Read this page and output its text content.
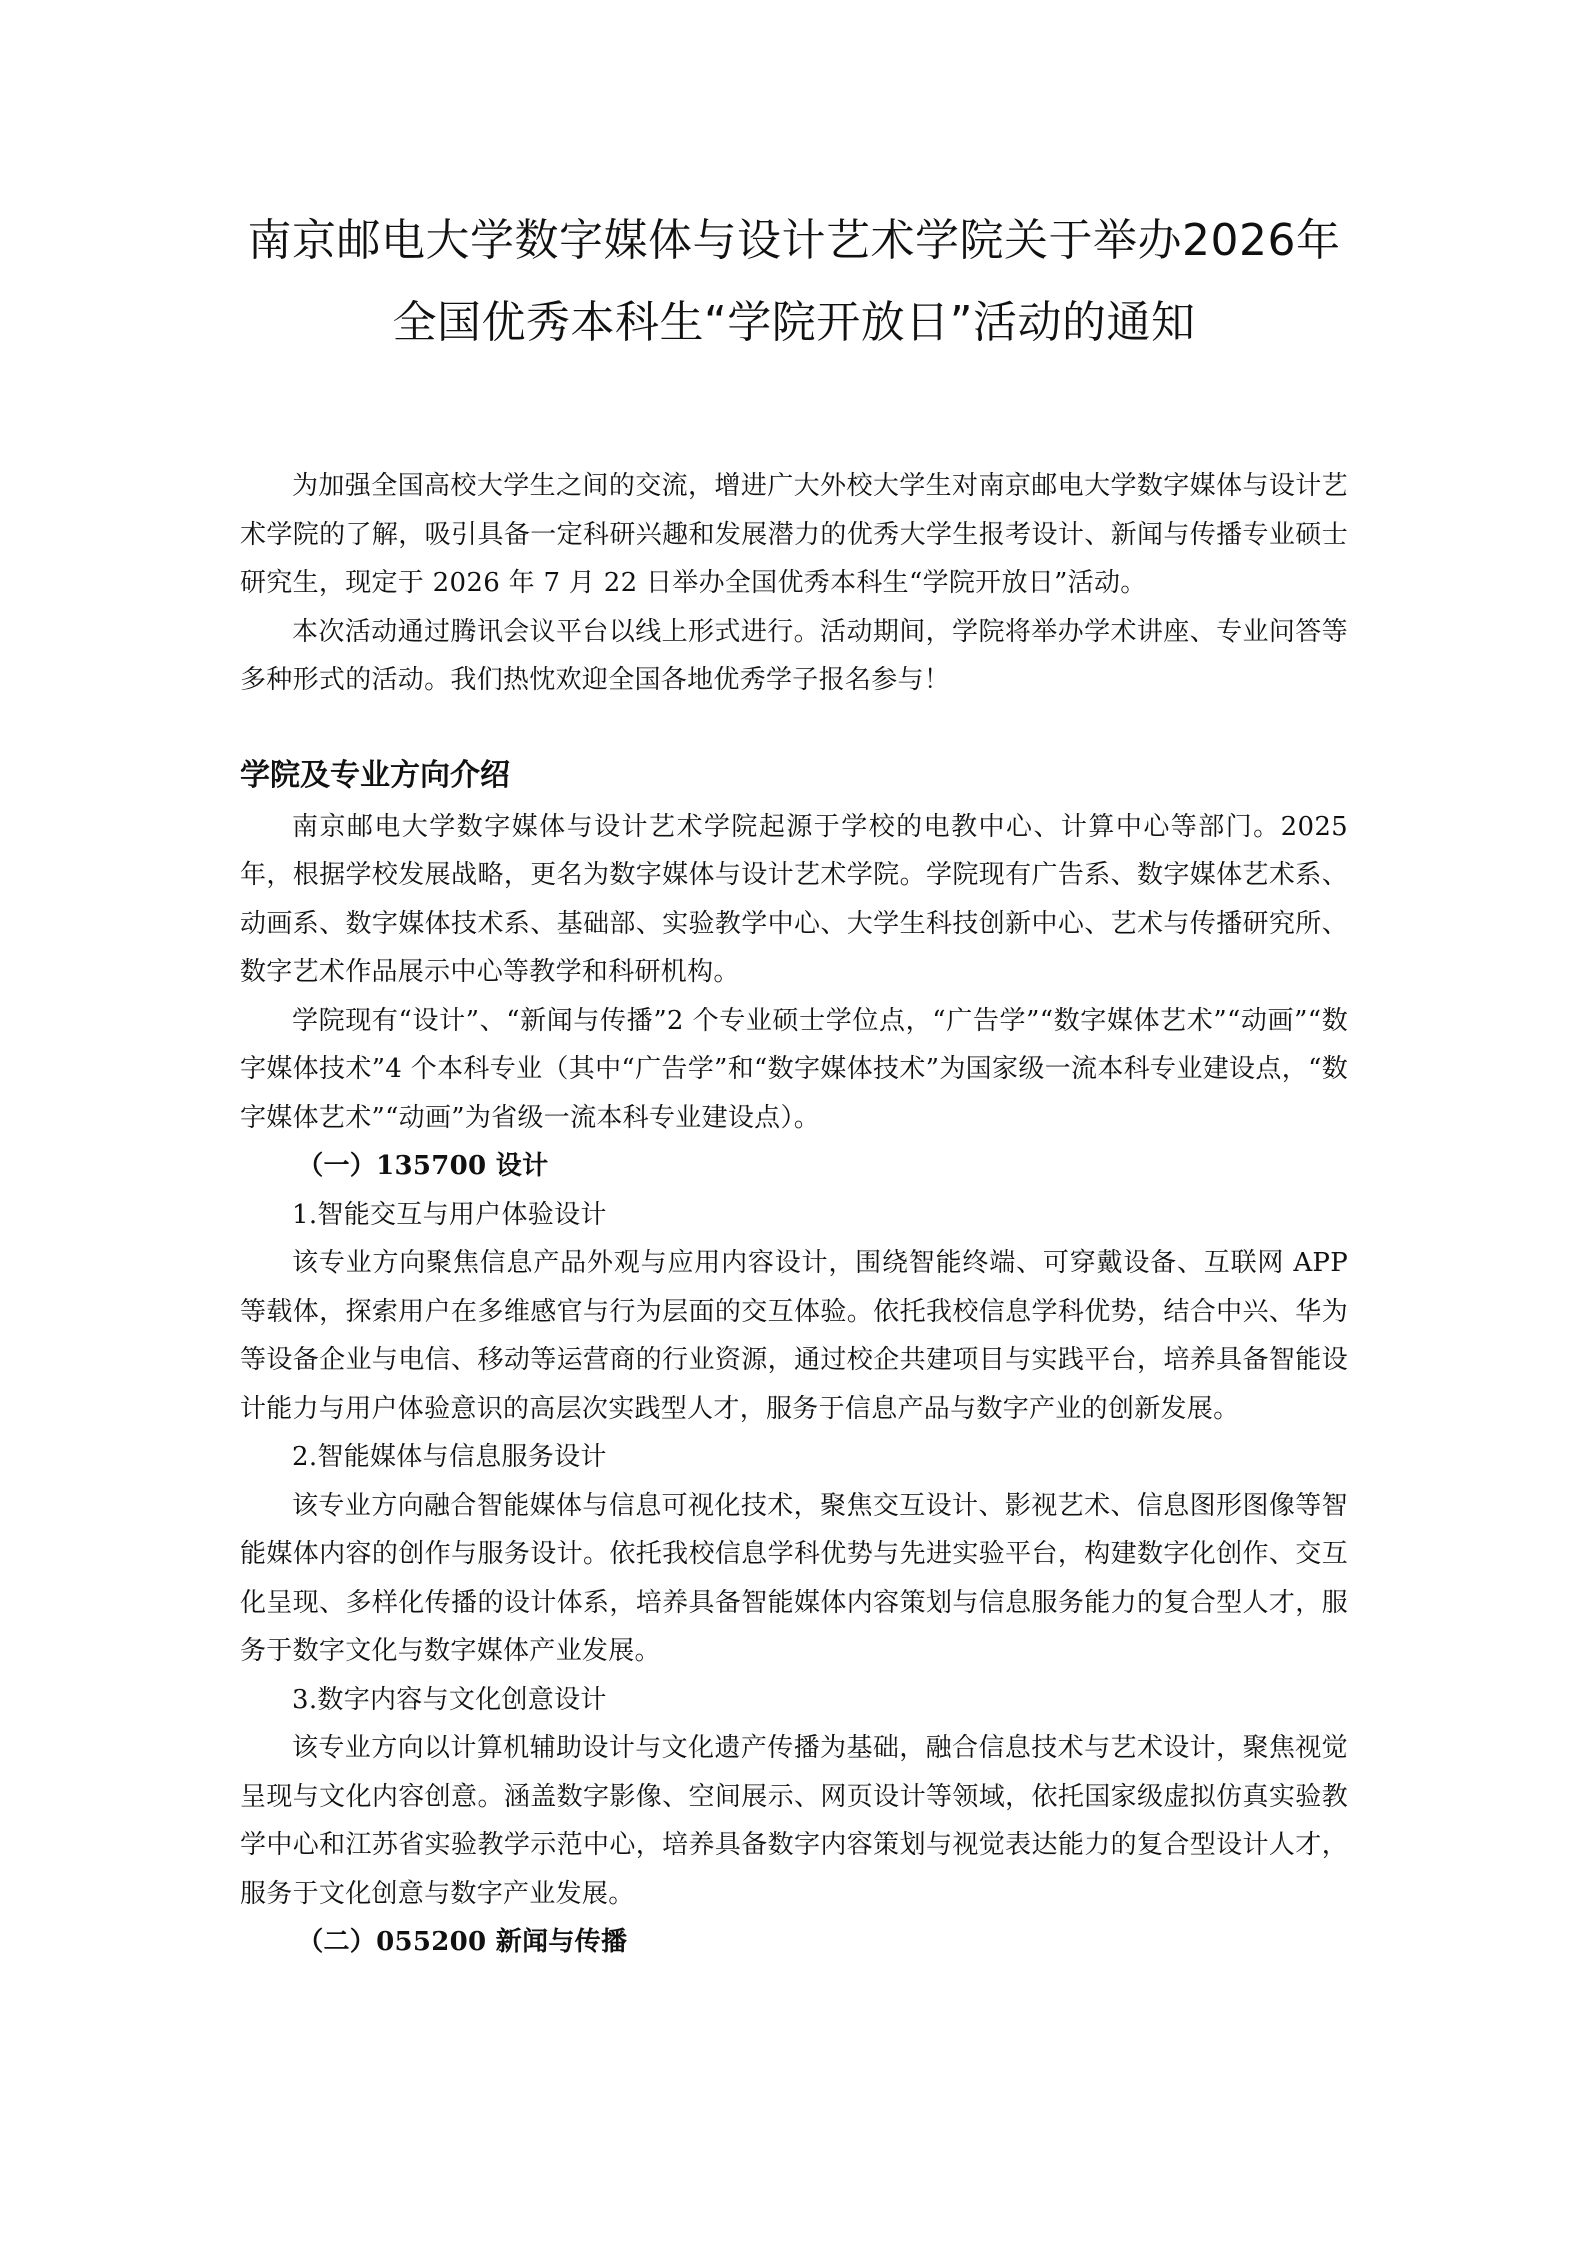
南京邮电大学数字媒体与设计艺术学院关于举办2026年
全国优秀本科生“学院开放日”活动的通知

为加强全国高校大学生之间的交流，增进广大外校大学生对南京邮电大学数字媒体与设计艺术学院的了解，吸引具备一定科研兴趣和发展潜力的优秀大学生报考设计、新闻与传播专业硕士研究生，现定于 2026 年 7 月 22 日举办全国优秀本科生“学院开放日”活动。

本次活动通过腾讯会议平台以线上形式进行。活动期间，学院将举办学术讲座、专业问答等多种形式的活动。我们热忱欢迎全国各地优秀学子报名参与！

学院及专业方向介绍

南京邮电大学数字媒体与设计艺术学院起源于学校的电教中心、计算中心等部门。2025 年，根据学校发展战略，更名为数字媒体与设计艺术学院。学院现有广告系、数字媒体艺术系、动画系、数字媒体技术系、基础部、实验教学中心、大学生科技创新中心、艺术与传播研究所、数字艺术作品展示中心等教学和科研机构。

学院现有“设计”、“新闻与传播”2 个专业硕士学位点，“广告学”“数字媒体艺术”“动画”“数字媒体技术”4 个本科专业（其中“广告学”和“数字媒体技术”为国家级一流本科专业建设点，“数字媒体艺术”“动画”为省级一流本科专业建设点）。

（一）135700 设计

1.智能交互与用户体验设计

该专业方向聚焦信息产品外观与应用内容设计，围绕智能终端、可穿戴设备、互联网 APP 等载体，探索用户在多维感官与行为层面的交互体验。依托我校信息学科优势，结合中兴、华为等设备企业与电信、移动等运营商的行业资源，通过校企共建项目与实践平台，培养具备智能设计能力与用户体验意识的高层次实践型人才，服务于信息产品与数字产业的创新发展。

2.智能媒体与信息服务设计

该专业方向融合智能媒体与信息可视化技术，聚焦交互设计、影视艺术、信息图形图像等智能媒体内容的创作与服务设计。依托我校信息学科优势与先进实验平台，构建数字化创作、交互化呈现、多样化传播的设计体系，培养具备智能媒体内容策划与信息服务能力的复合型人才，服务于数字文化与数字媒体产业发展。

3.数字内容与文化创意设计

该专业方向以计算机辅助设计与文化遗产传播为基础，融合信息技术与艺术设计，聚焦视觉呈现与文化内容创意。涵盖数字影像、空间展示、网页设计等领域，依托国家级虚拟仿真实验教学中心和江苏省实验教学示范中心，培养具备数字内容策划与视觉表达能力的复合型设计人才，服务于文化创意与数字产业发展。

（二）055200 新闻与传播
